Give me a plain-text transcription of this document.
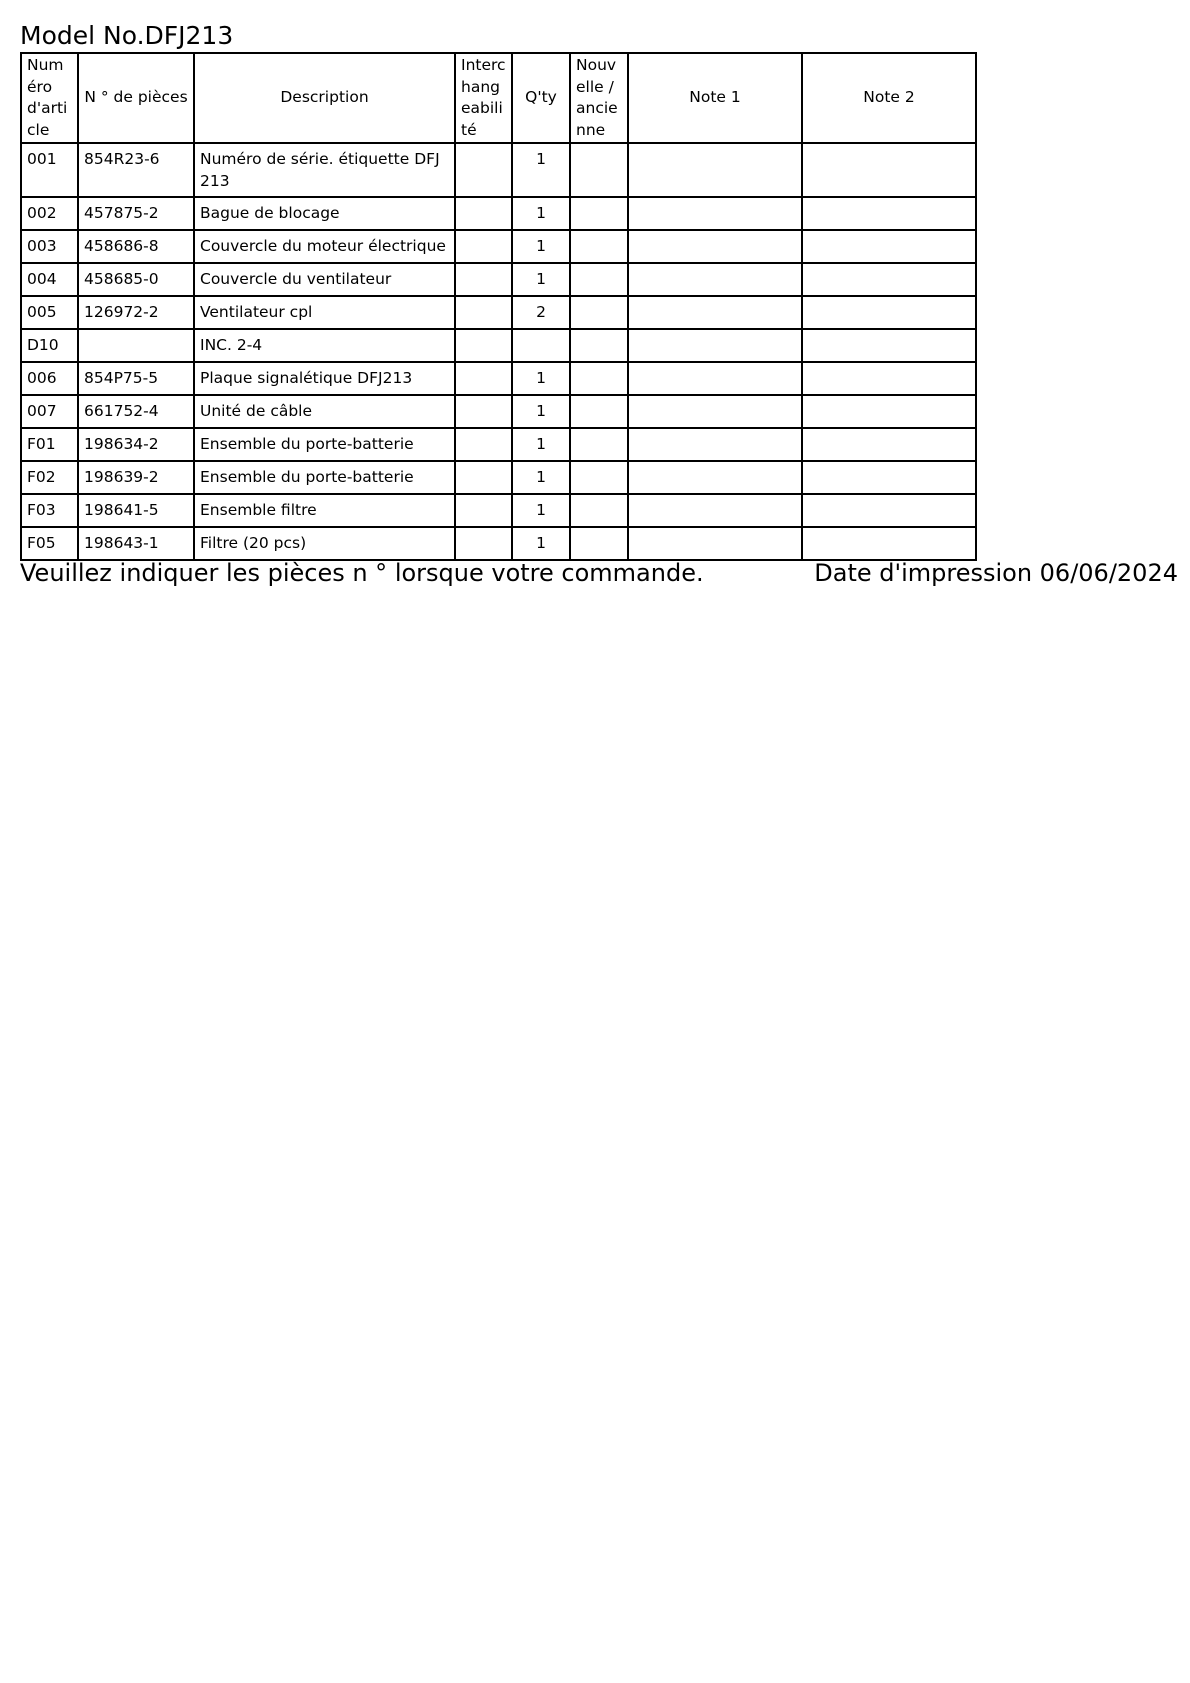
Model No.DFJ213
Numéro d'article	N ° de pièces	Description	Interchangeabilité	Q'ty	Nouvelle / ancienne	Note 1	Note 2
001	854R23-6	Numéro de série. étiquette DFJ213		1			
002	457875-2	Bague de blocage		1			
003	458686-8	Couvercle du moteur électrique		1			
004	458685-0	Couvercle du ventilateur		1			
005	126972-2	Ventilateur cpl		2			
D10		INC. 2-4					
006	854P75-5	Plaque signalétique DFJ213		1			
007	661752-4	Unité de câble		1			
F01	198634-2	Ensemble du porte-batterie		1			
F02	198639-2	Ensemble du porte-batterie		1			
F03	198641-5	Ensemble filtre		1			
F05	198643-1	Filtre (20 pcs)		1			
Veuillez indiquer les pièces n ° lorsque votre commande.	Date d'impression 06/06/2024
